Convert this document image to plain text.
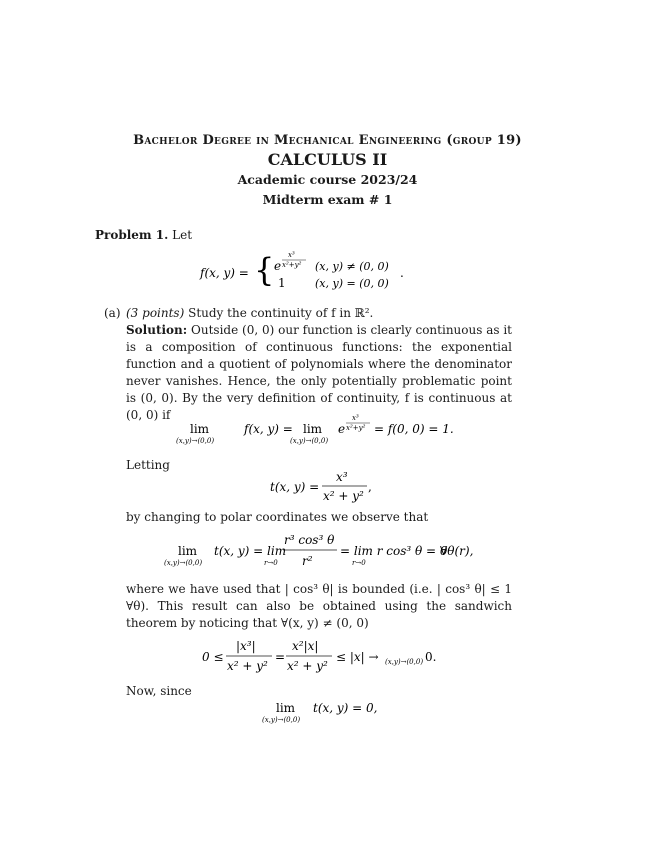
Bachelor Degree in Mechanical Engineering (group 19)
CALCULUS II
Academic course 2023/24
Midterm exam # 1
Problem 1. Let
f(x, y) = { e
x³
x²+y² (x, y) ≠ (0, 0)
1	(x, y) = (0, 0)
.
(a) (3 points) Study the continuity of f in ℝ².
Solution: Outside (0, 0) our function is clearly continuous as it is a composition of continuous functions: the exponential function and a quotient of polynomials where the denominator never vanishes. Hence, the only potentially problematic point is (0, 0). By the very definition of continuity, f is continuous at (0, 0) if
lim
(x,y)→(0,0)
f(x, y) = lim
(x,y)→(0,0)
e
x³
x²+y² = f(0, 0) = 1.
Letting
t(x, y) =
x³
x² + y²
,
by changing to polar coordinates we observe that
lim
(x,y)→(0,0)
t(x, y) = lim
r→0
r³ cos³ θ
r²
= lim r cos³ θ = 0
r→0
∀θ(r),
where we have used that | cos³ θ| is bounded (i.e. | cos³ θ| ≤ 1 ∀θ). This result can also be obtained using the sandwich theorem by noticing that ∀(x, y) ≠ (0, 0)
0 ≤
|x³|
x² + y²
=
x²|x|
x² + y²
≤ |x| → (x,y)→(0,0) 0.
Now, since
lim
(x,y)→(0,0)
t(x, y) = 0,
